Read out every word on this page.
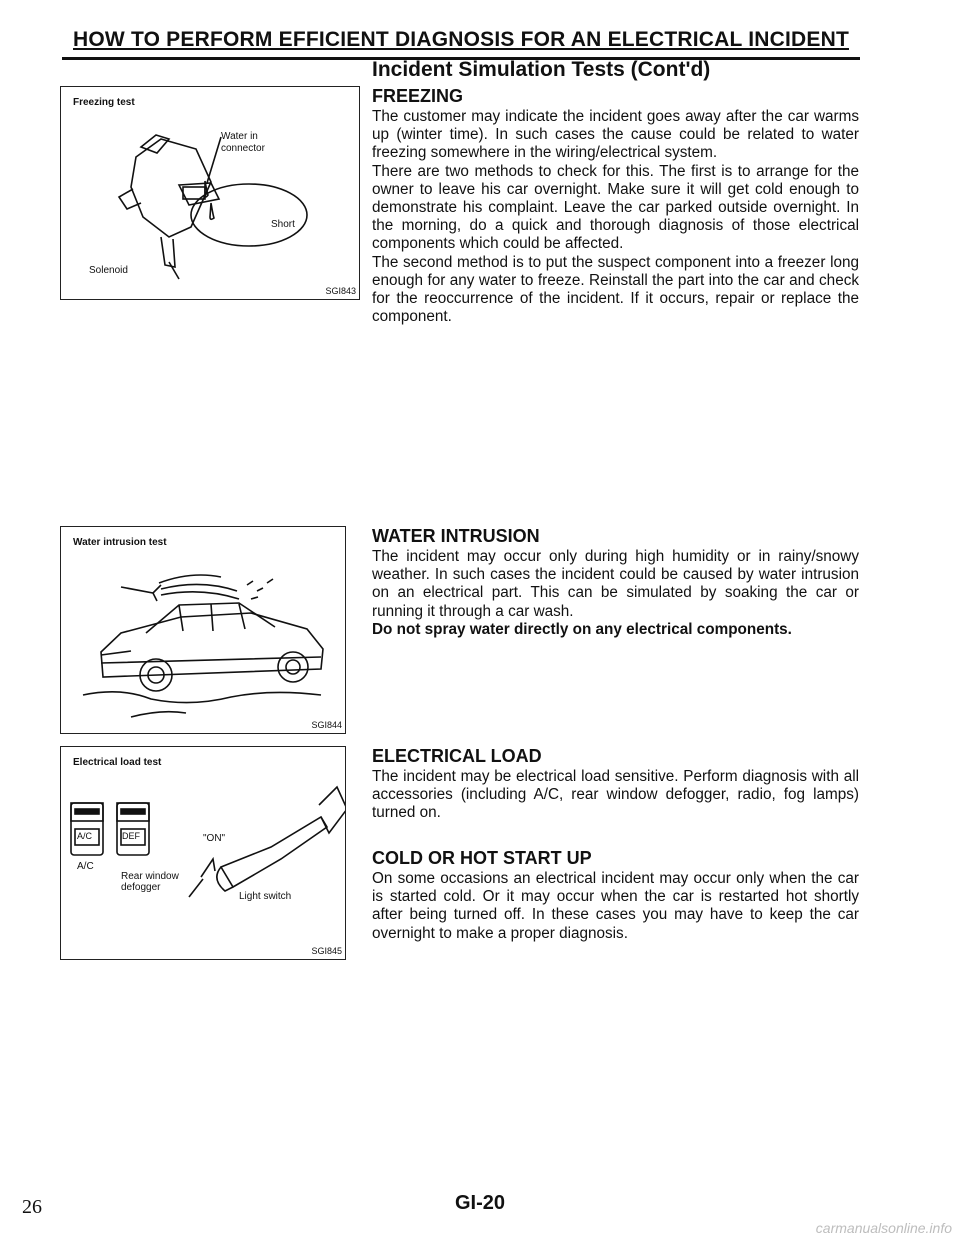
HOW TO PERFORM EFFICIENT DIAGNOSIS FOR AN ELECTRICAL INCIDENT
Incident Simulation Tests (Cont'd)
Freezing test
Water in connector
Short
Solenoid
SGI843
FREEZING

The customer may indicate the incident goes away after the car warms up (winter time). In such cases the cause could be related to water freezing somewhere in the wiring/electrical system.

There are two methods to check for this. The first is to arrange for the owner to leave his car overnight. Make sure it will get cold enough to demonstrate his complaint. Leave the car parked outside overnight. In the morning, do a quick and thorough diagnosis of those electrical components which could be affected.

The second method is to put the suspect component into a freezer long enough for any water to freeze. Reinstall the part into the car and check for the reoccurrence of the incident. If it occurs, repair or replace the component.

Water intrusion test
SGI844
WATER INTRUSION

The incident may occur only during high humidity or in rainy/snowy weather. In such cases the incident could be caused by water intrusion on an electrical part. This can be simulated by soaking the car or running it through a car wash.

Do not spray water directly on any electrical components.

Electrical load test
A/C	DEF
A/C
"ON"
Rear window defogger
Light switch
SGI845
ELECTRICAL LOAD

The incident may be electrical load sensitive. Perform diagnosis with all accessories (including A/C, rear window defogger, radio, fog lamps) turned on.

COLD OR HOT START UP

On some occasions an electrical incident may occur only when the car is started cold. Or it may occur when the car is restarted hot shortly after being turned off. In these cases you may have to keep the car overnight to make a proper diagnosis.

26	GI-20
carmanualsonline.info
